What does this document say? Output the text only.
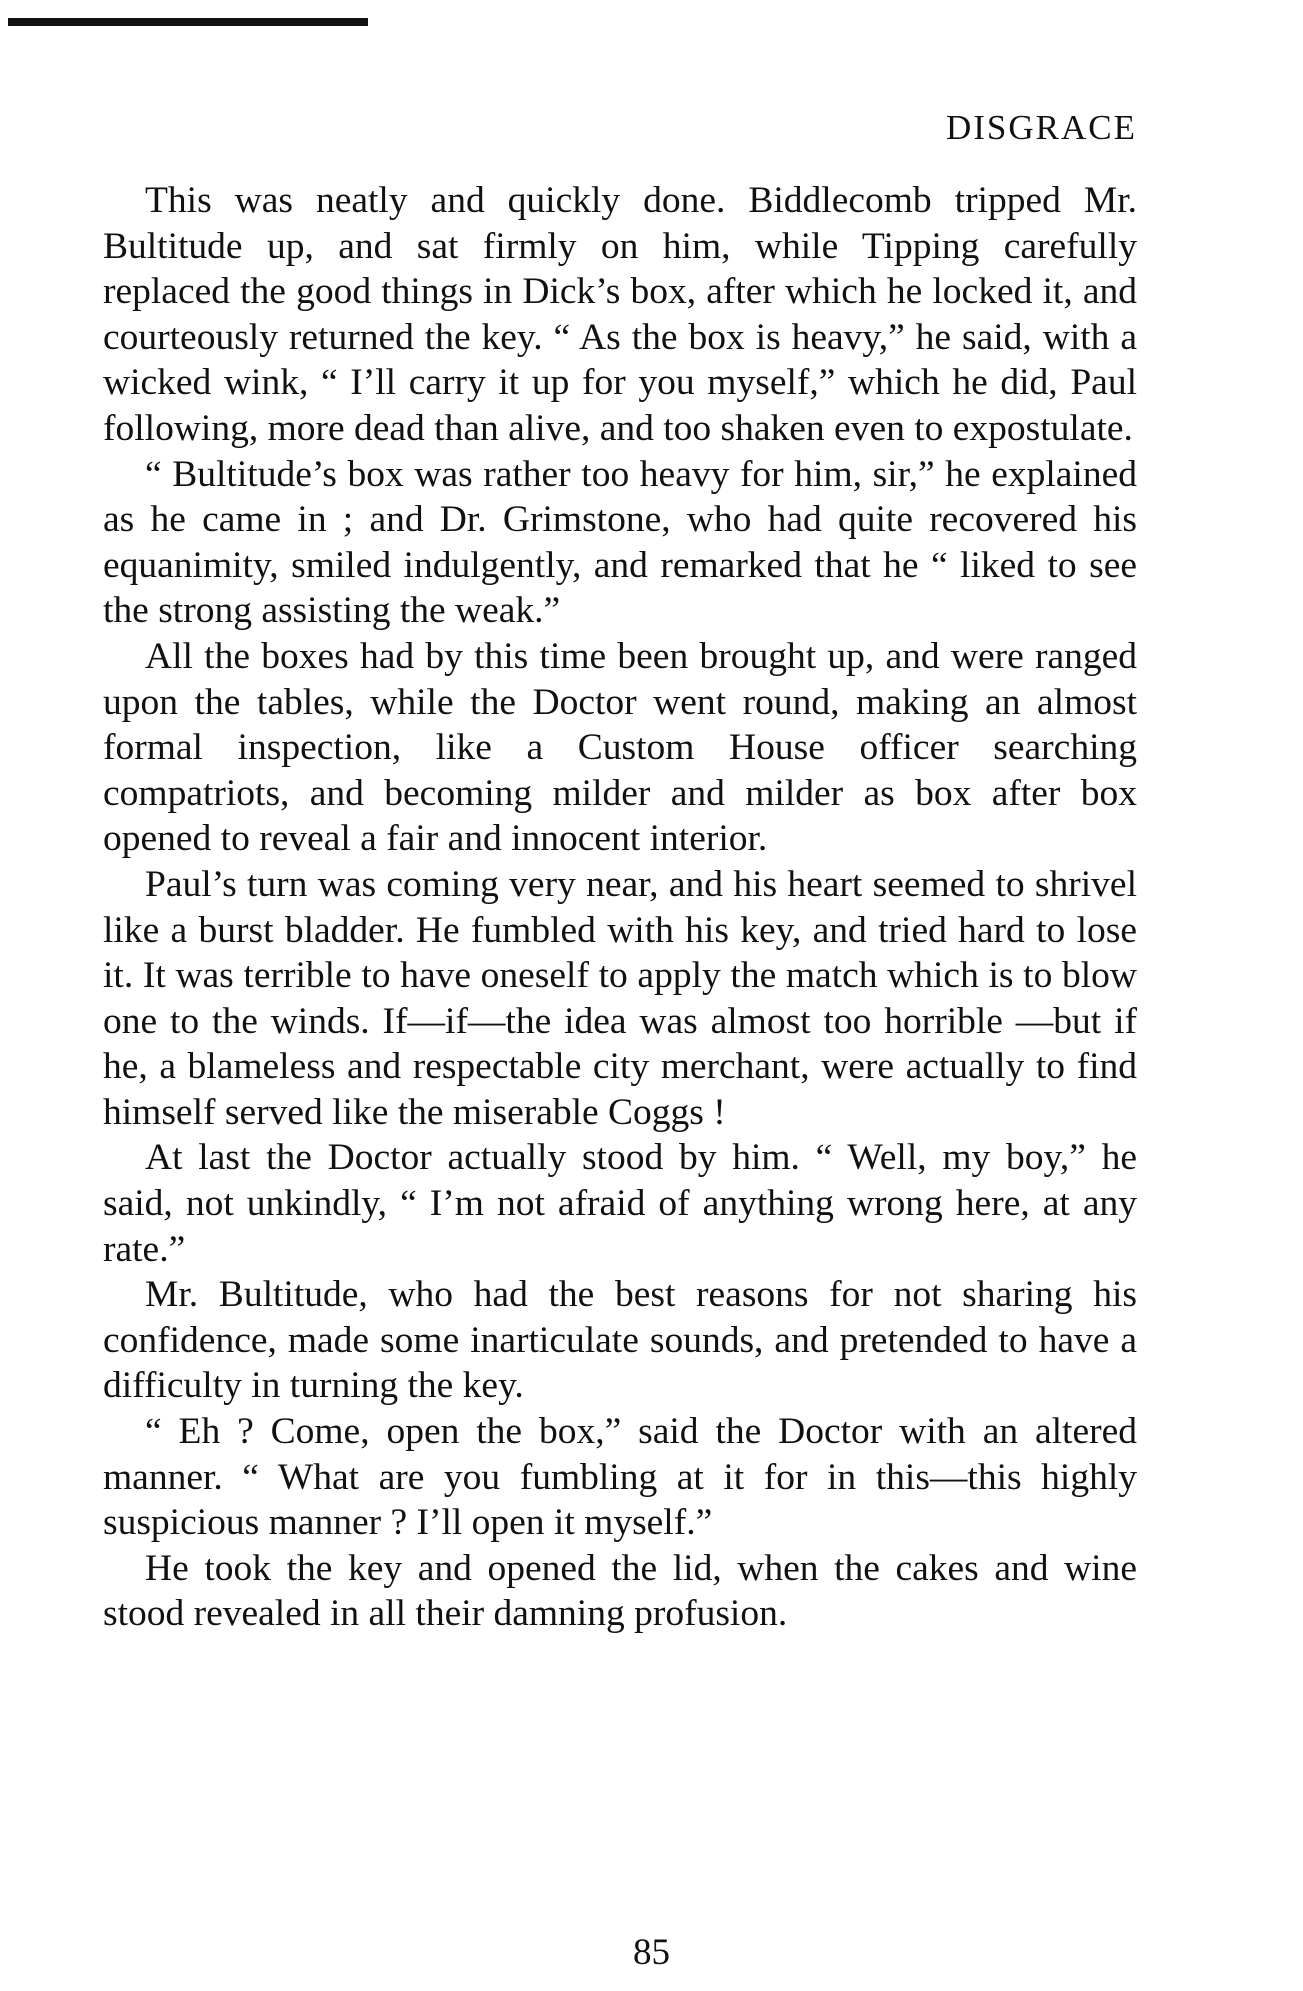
DISGRACE

This was neatly and quickly done. Biddlecomb tripped Mr. Bultitude up, and sat firmly on him, while Tipping carefully replaced the good things in Dick’s box, after which he locked it, and courteously returned the key. “ As the box is heavy,” he said, with a wicked wink, “ I’ll carry it up for you myself,” which he did, Paul following, more dead than alive, and too shaken even to expostulate.

“ Bultitude’s box was rather too heavy for him, sir,” he explained as he came in ; and Dr. Grimstone, who had quite recovered his equanimity, smiled indulgently, and remarked that he “ liked to see the strong assisting the weak.”

All the boxes had by this time been brought up, and were ranged upon the tables, while the Doctor went round, making an almost formal inspection, like a Custom House officer searching compatriots, and becoming milder and milder as box after box opened to reveal a fair and innocent interior.

Paul’s turn was coming very near, and his heart seemed to shrivel like a burst bladder. He fumbled with his key, and tried hard to lose it. It was terrible to have oneself to apply the match which is to blow one to the winds. If—if—the idea was almost too horrible —but if he, a blameless and respectable city merchant, were actually to find himself served like the miserable Coggs !

At last the Doctor actually stood by him. “ Well, my boy,” he said, not unkindly, “ I’m not afraid of anything wrong here, at any rate.”

Mr. Bultitude, who had the best reasons for not sharing his confidence, made some inarticulate sounds, and pretended to have a difficulty in turning the key.

“ Eh ? Come, open the box,” said the Doctor with an altered manner. “ What are you fumbling at it for in this—this highly suspicious manner ? I’ll open it myself.”

He took the key and opened the lid, when the cakes and wine stood revealed in all their damning profusion.

85
